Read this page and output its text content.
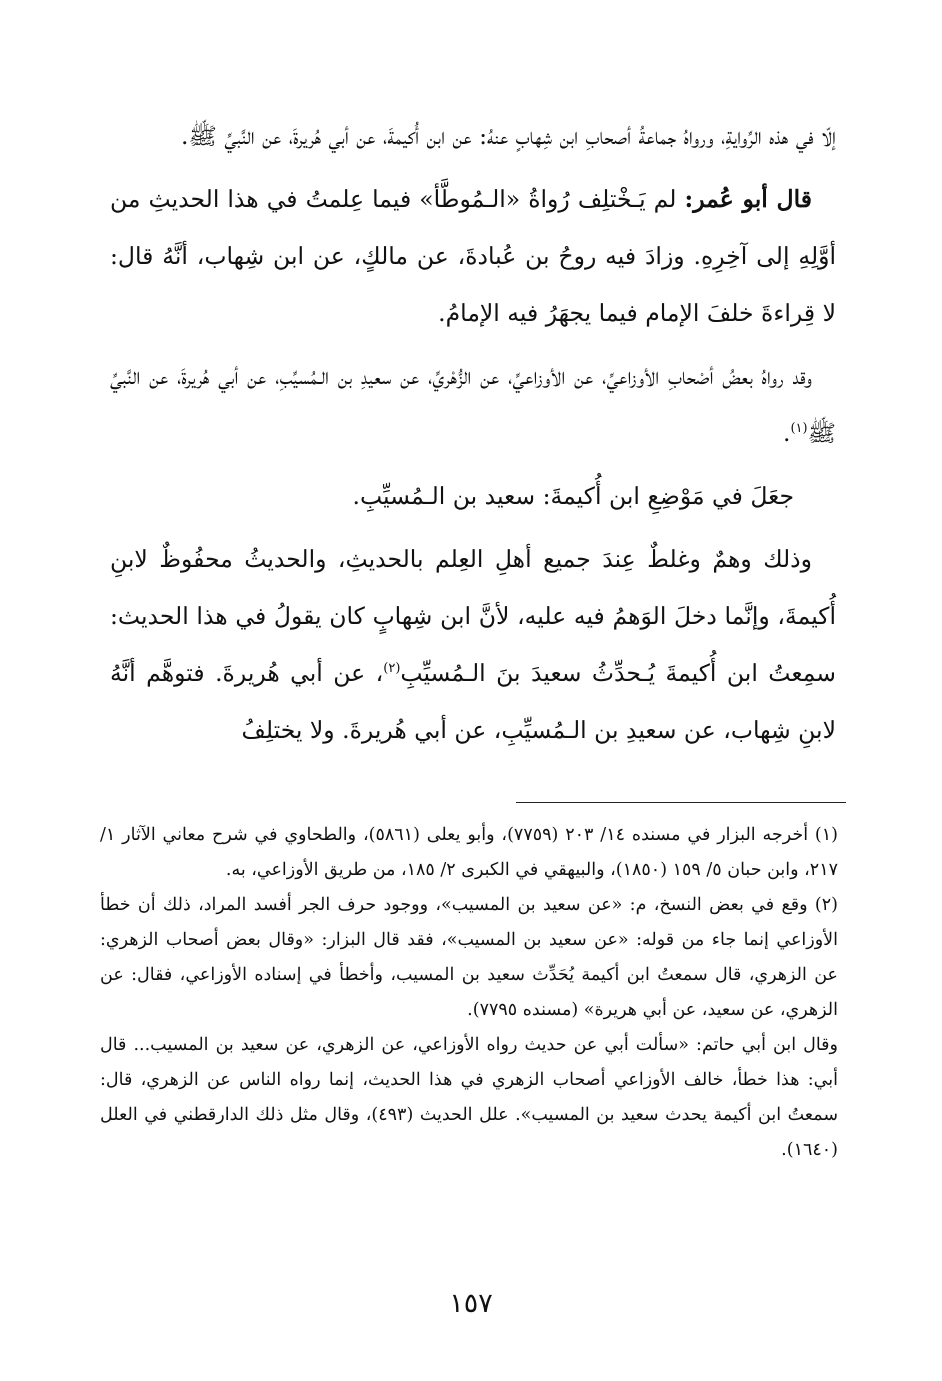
إلّا في هذه الرِّوايةِ، ورواهُ جماعةُ أصحابِ ابن شِهابٍ عنهُ: عن ابن أُكيمةَ، عن أبي هُريرةَ، عن النَّبيِّ ﷺ.

قال أبو عُمر: لم يَـخْتلِف رُواةُ «الـمُوطَّأ» فيما عِلمتُ في هذا الحديثِ من أوَّلِهِ إلى آخِرِهِ. وزادَ فيه روحُ بن عُبادةَ، عن مالكٍ، عن ابن شِهاب، أنَّهُ قال: لا قِراءةَ خلفَ الإمام فيما يجهَرُ فيه الإمامُ.

وقد رواهُ بعضُ أصْحابِ الأوزاعيِّ، عن الأوزاعيِّ، عن الزُّهْريِّ، عن سعيدِ بن الـمُسيِّبِ، عن أبي هُريرةَ، عن النَّبيِّ ﷺ$^{(١)}$.

جعَلَ في مَوْضِعِ ابن أُكيمةَ: سعيد بن الـمُسيِّبِ.

وذلك وهمٌ وغلطٌ عِندَ جميع أهلِ العِلم بالحديثِ، والحديثُ محفُوظٌ لابنِ أُكيمةَ، وإنَّما دخلَ الوَهمُ فيه عليه، لأنَّ ابن شِهابٍ كان يقولُ في هذا الحديث: سمِعتُ ابن أُكيمةَ يُـحدِّثُ سعيدَ بنَ الـمُسيِّبِ$^{(٢)}$، عن أبي هُريرةَ. فتوهَّم أنَّهُ لابنِ شِهاب، عن سعيدِ بن الـمُسيِّبِ، عن أبي هُريرةَ. ولا يختلِفُ

(١) أخرجه البزار في مسنده ١٤/ ٢٠٣ (٧٧٥٩)، وأبو يعلى (٥٨٦١)، والطحاوي في شرح معاني الآثار ١/ ٢١٧، وابن حبان ٥/ ١٥٩ (١٨٥٠)، والبيهقي في الكبرى ٢/ ١٨٥، من طريق الأوزاعي، به.

(٢) وقع في بعض النسخ، م: «عن سعيد بن المسيب»، ووجود حرف الجر أفسد المراد، ذلك أن خطأ الأوزاعي إنما جاء من قوله: «عن سعيد بن المسيب»، فقد قال البزار: «وقال بعض أصحاب الزهري: عن الزهري، قال سمعتُ ابن أكيمة يُحَدِّث سعيد بن المسيب، وأخطأ في إسناده الأوزاعي، فقال: عن الزهري، عن سعيد، عن أبي هريرة» (مسنده ٧٧٩٥).

وقال ابن أبي حاتم: «سألت أبي عن حديث رواه الأوزاعي، عن الزهري، عن سعيد بن المسيب... قال أبي: هذا خطأ، خالف الأوزاعي أصحاب الزهري في هذا الحديث، إنما رواه الناس عن الزهري، قال: سمعتُ ابن أكيمة يحدث سعيد بن المسيب». علل الحديث (٤٩٣)، وقال مثل ذلك الدارقطني في العلل (١٦٤٠).

١٥٧
